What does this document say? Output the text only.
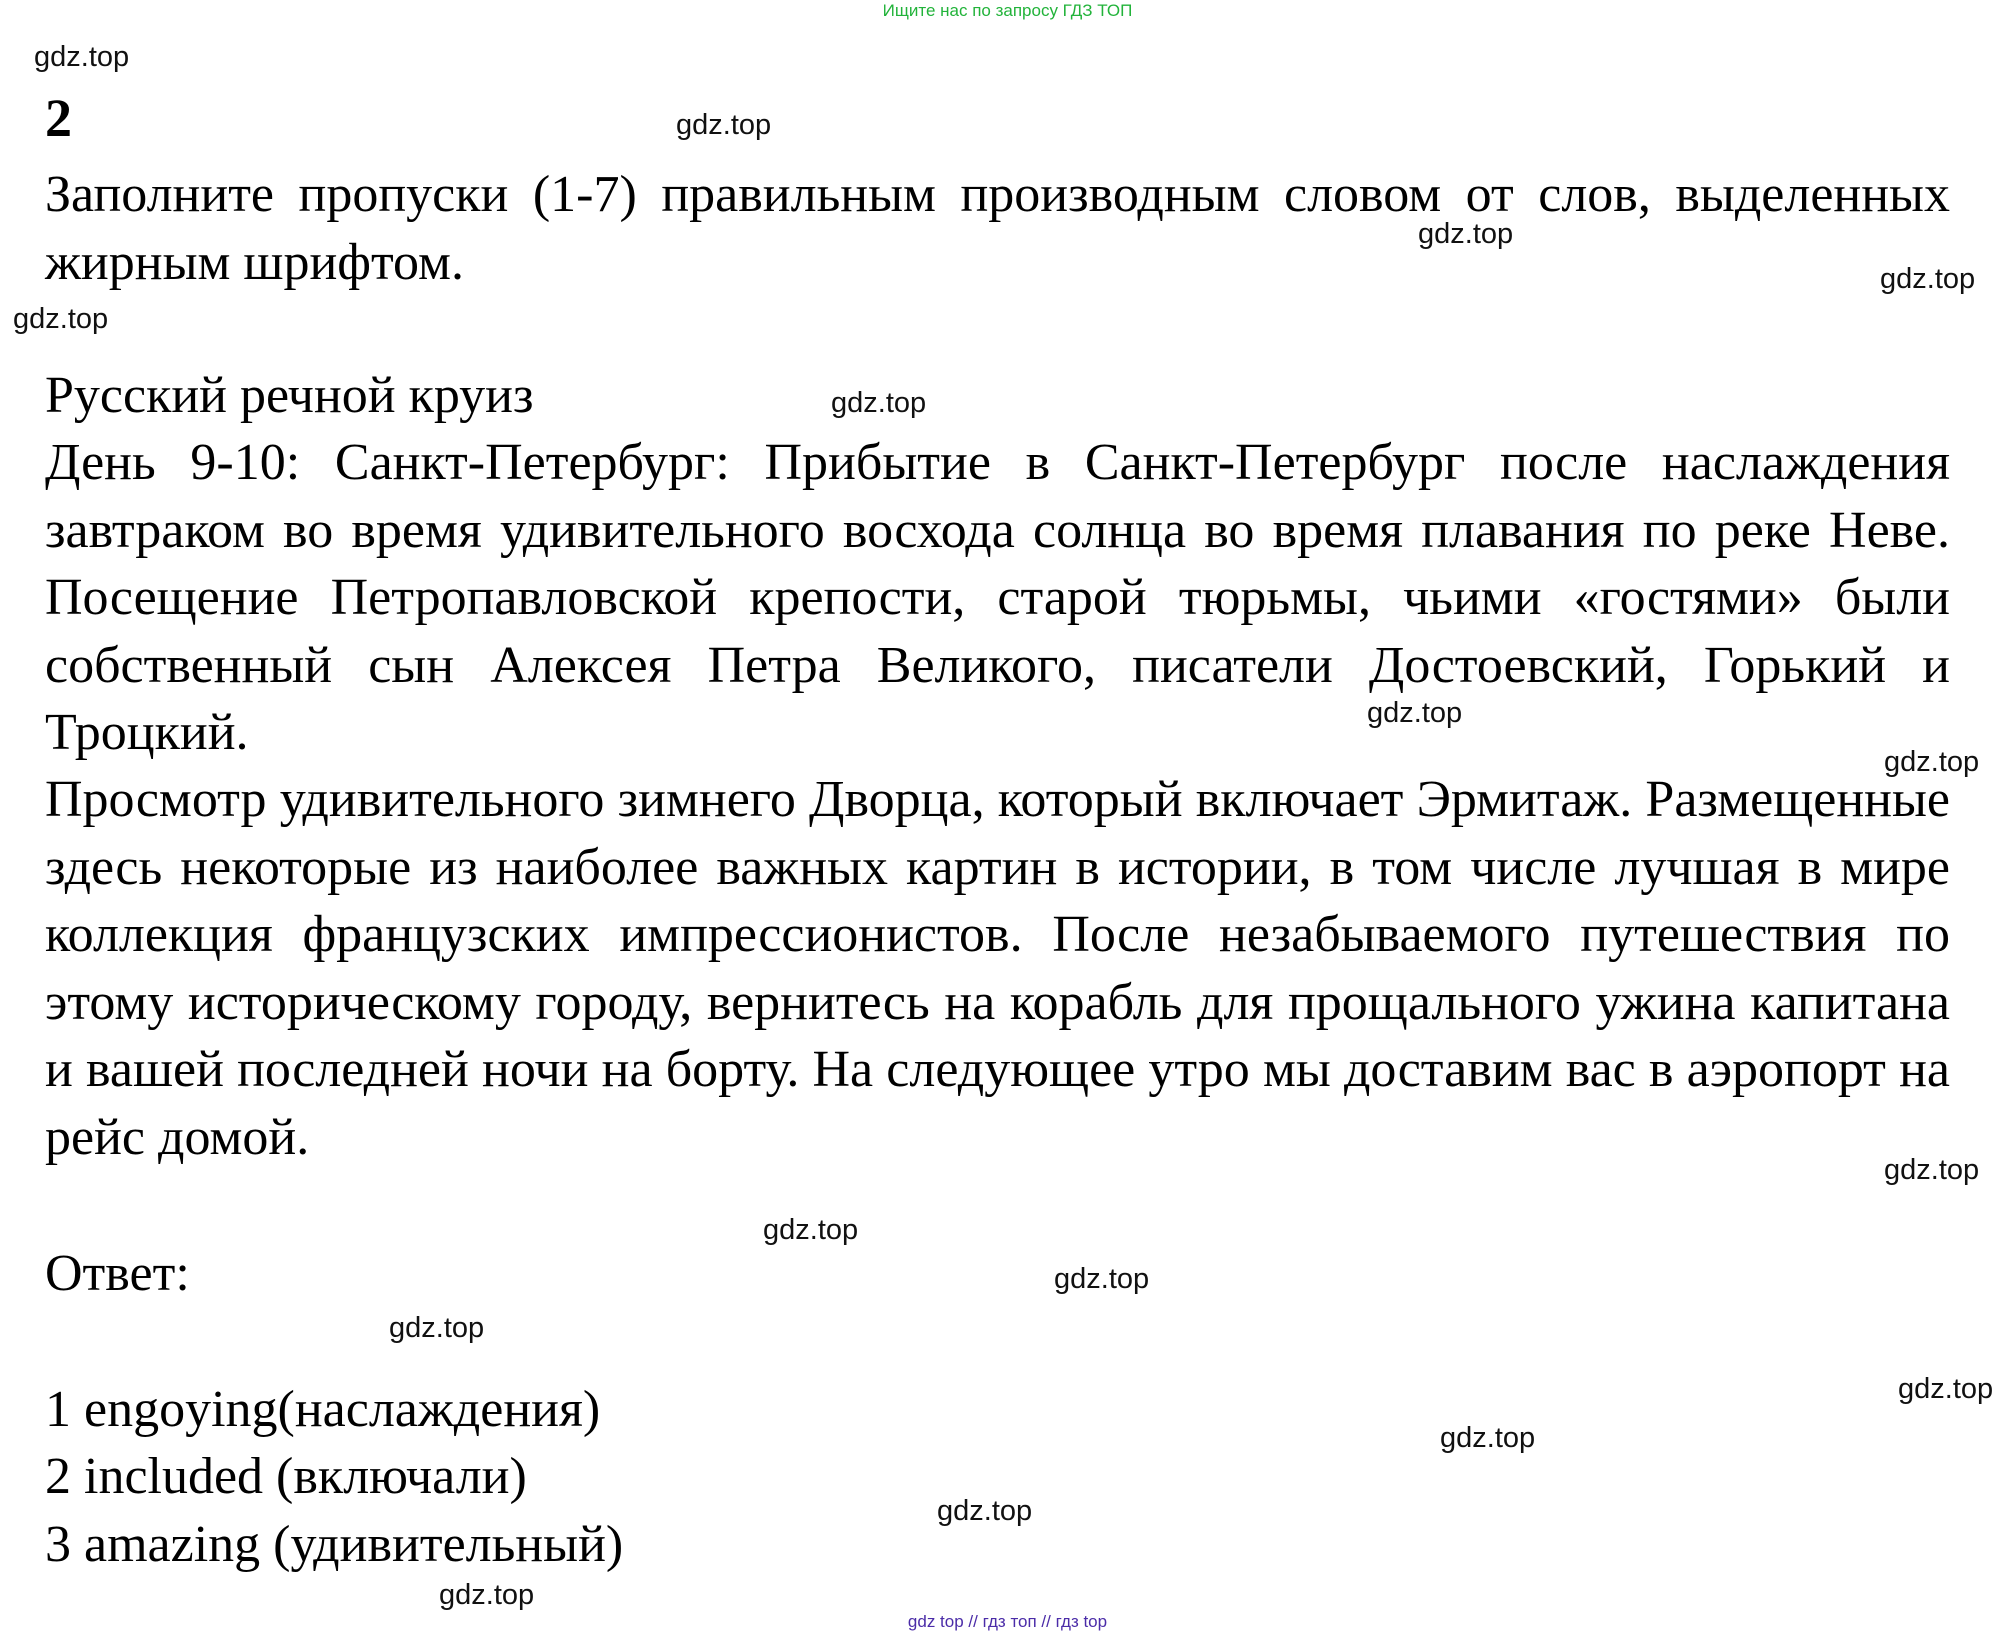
Ищите нас по запросу ГДЗ ТОП
2
Заполните пропуски (1-7) правильным производным словом от слов, выделенных жирным шрифтом.
Русский речной круиз
День 9-10: Санкт-Петербург: Прибытие в Санкт-Петербург после наслаждения завтраком во время удивительного восхода солнца во время плавания по реке Неве. Посещение Петропавловской крепости, старой тюрьмы, чьими «гостями» были собственный сын Алексея Петра Великого, писатели Достоевский, Горький и Троцкий.
Просмотр удивительного зимнего Дворца, который включает Эрмитаж. Размещенные здесь некоторые из наиболее важных картин в истории, в том числе лучшая в мире коллекция французских импрессионистов. После незабываемого путешествия по этому историческому городу, вернитесь на корабль для прощального ужина капитана и вашей последней ночи на борту. На следующее утро мы доставим вас в аэропорт на рейс домой.
Ответ:
1 engoying(наслаждения)
2 included (включали)
3 amazing (удивительный)
gdz.top
gdz.top
gdz.top
gdz.top
gdz.top
gdz.top
gdz.top
gdz.top
gdz.top
gdz.top
gdz.top
gdz.top
gdz.top
gdz.top
gdz.top
gdz.top
gdz top // гдз топ // гдз top
